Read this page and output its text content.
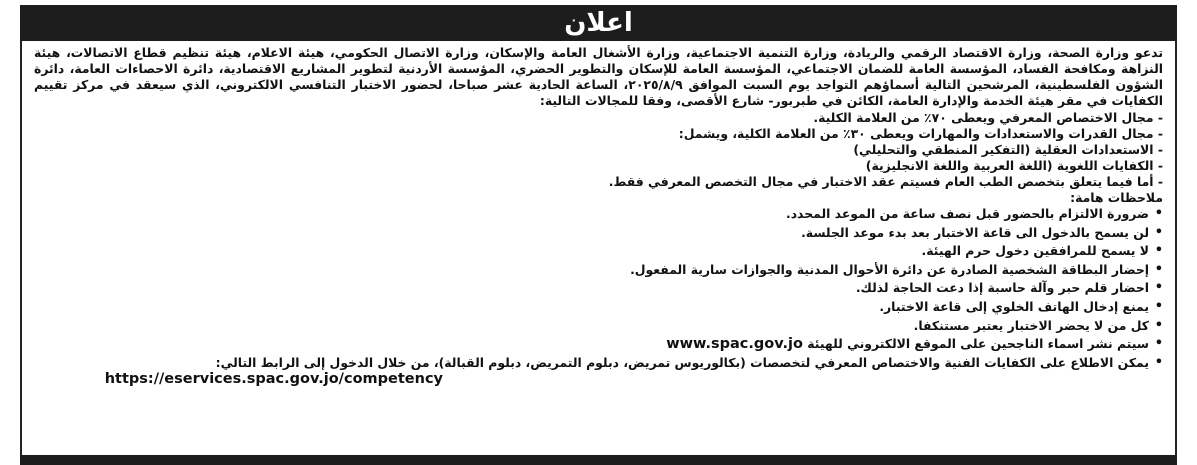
اعلان

تدعو وزارة الصحة، وزارة الاقتصاد الرقمي والريادة، وزارة التنمية الاجتماعية، وزارة الأشغال العامة والإسكان، وزارة الاتصال الحكومي، هيئة الاعلام، هيئة تنظيم قطاع الاتصالات، هيئة النزاهة ومكافحة الفساد، المؤسسة العامة للضمان الاجتماعي، المؤسسة العامة للإسكان والتطوير الحضري، المؤسسة الأردنية لتطوير المشاريع الاقتصادية، دائرة الاحصاءات العامة، دائرة الشؤون الفلسطينية، المرشحين التالية أسماؤهم التواجد يوم السبت الموافق ٢٠٢٥/٨/٩، الساعة الحادية عشر صباحا، لحضور الاختبار التنافسي الالكتروني، الذي سيعقد في مركز تقييم الكفايات في مقر هيئة الخدمة والإدارة العامة، الكائن في طبربور- شارع الأقصى، وفقا للمجالات التالية:

- مجال الاختصاص المعرفي ويعطى ٧٠٪ من العلامة الكلية.
- مجال القدرات والاستعدادات والمهارات ويعطى ٣٠٪ من العلامة الكلية، ويشمل:
- الاستعدادات العقلية (التفكير المنطقي والتحليلي)
- الكفايات اللغوية (اللغة العربية واللغة الانجليزية)
- أما فيما يتعلق بتخصص الطب العام فسيتم عقد الاختبار في مجال التخصص المعرفي فقط.

ملاحظات هامة:

• ضرورة الالتزام بالحضور قبل نصف ساعة من الموعد المحدد.
• لن يسمح بالدخول الى قاعة الاختبار بعد بدء موعد الجلسة.
• لا يسمح للمرافقين دخول حرم الهيئة.
• إحضار البطاقة الشخصية الصادرة عن دائرة الأحوال المدنية والجوازات سارية المفعول.
• احضار قلم حبر وآلة حاسبة إذا دعت الحاجة لذلك.
• يمنع إدخال الهاتف الخلوي إلى قاعة الاختبار.
• كل من لا يحضر الاختبار يعتبر مستنكفا.
• سيتم نشر اسماء الناجحين على الموقع الالكتروني للهيئة www.spac.gov.jo
• يمكن الاطلاع على الكفايات الفنية والاختصاص المعرفي لتخصصات (بكالوريوس تمريض، دبلوم التمريض، دبلوم القبالة)، من خلال الدخول إلى الرابط التالي:
https://eservices.spac.gov.jo/competency
